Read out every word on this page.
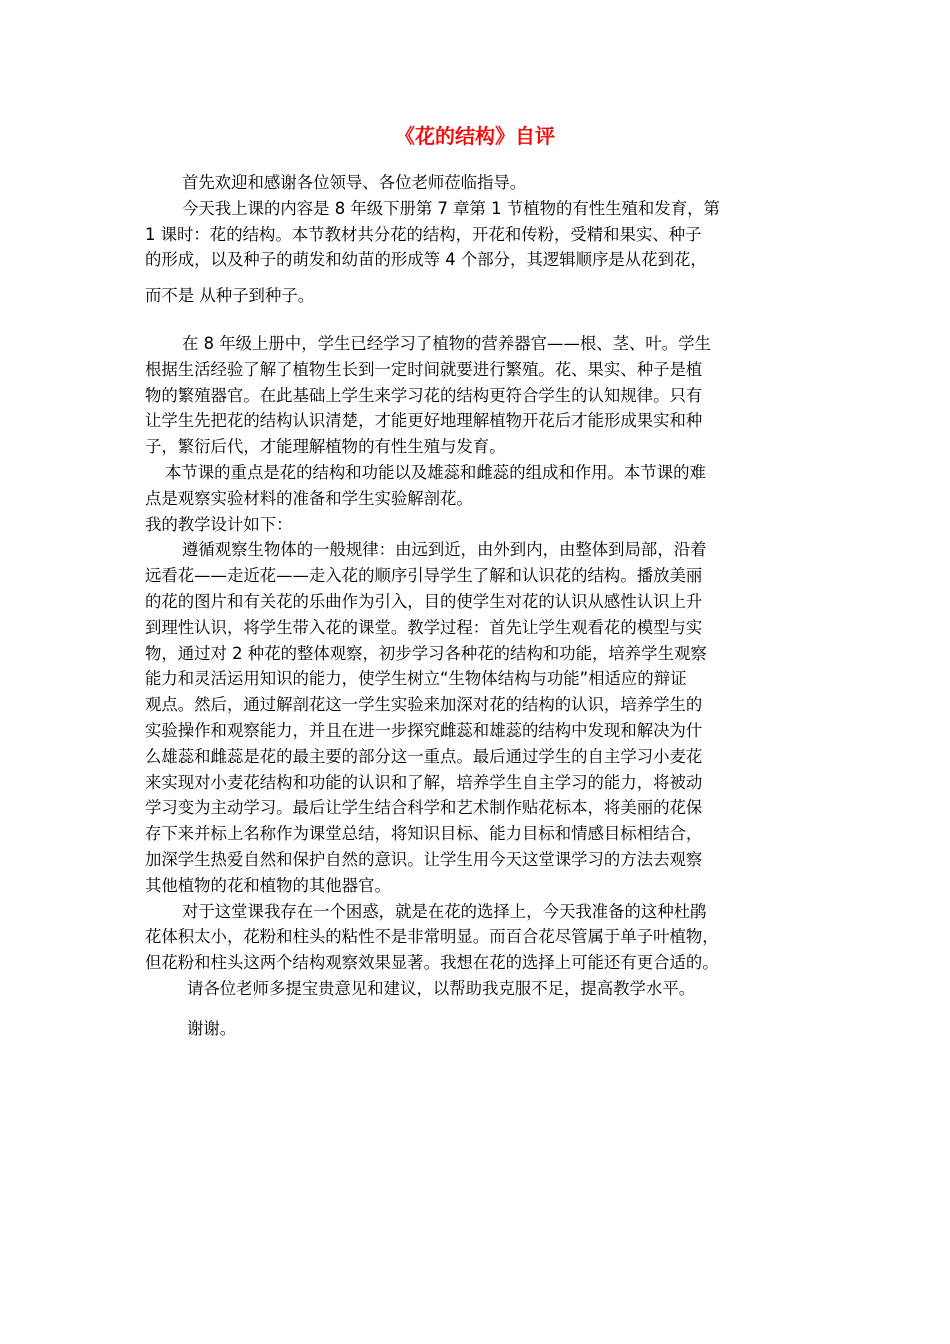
《花的结构》自评

首先欢迎和感谢各位领导、各位老师莅临指导。

今天我上课的内容是 8 年级下册第 7 章第 1 节植物的有性生殖和发育，第

1 课时：花的结构。本节教材共分花的结构，开花和传粉，受精和果实、种子

的形成，以及种子的萌发和幼苗的形成等 4 个部分，其逻辑顺序是从花到花，

而不是 从种子到种子。

在 8 年级上册中，学生已经学习了植物的营养器官——根、茎、叶。学生

根据生活经验了解了植物生长到一定时间就要进行繁殖。花、果实、种子是植

物的繁殖器官。在此基础上学生来学习花的结构更符合学生的认知规律。只有

让学生先把花的结构认识清楚，才能更好地理解植物开花后才能形成果实和种

子，繁衍后代，才能理解植物的有性生殖与发育。

本节课的重点是花的结构和功能以及雄蕊和雌蕊的组成和作用。本节课的难

点是观察实验材料的准备和学生实验解剖花。

我的教学设计如下：

遵循观察生物体的一般规律：由远到近，由外到内，由整体到局部，沿着

远看花——走近花——走入花的顺序引导学生了解和认识花的结构。播放美丽

的花的图片和有关花的乐曲作为引入，目的使学生对花的认识从感性认识上升

到理性认识，将学生带入花的课堂。教学过程：首先让学生观看花的模型与实

物，通过对 2 种花的整体观察，初步学习各种花的结构和功能，培养学生观察

能力和灵活运用知识的能力，使学生树立“生物体结构与功能”相适应的辩证

观点。然后，通过解剖花这一学生实验来加深对花的结构的认识，培养学生的

实验操作和观察能力，并且在进一步探究雌蕊和雄蕊的结构中发现和解决为什

么雄蕊和雌蕊是花的最主要的部分这一重点。最后通过学生的自主学习小麦花

来实现对小麦花结构和功能的认识和了解，培养学生自主学习的能力，将被动

学习变为主动学习。最后让学生结合科学和艺术制作贴花标本，将美丽的花保

存下来并标上名称作为课堂总结，将知识目标、能力目标和情感目标相结合，

加深学生热爱自然和保护自然的意识。让学生用今天这堂课学习的方法去观察

其他植物的花和植物的其他器官。

对于这堂课我存在一个困惑，就是在花的选择上，今天我准备的这种杜鹃

花体积太小，花粉和柱头的粘性不是非常明显。而百合花尽管属于单子叶植物，

但花粉和柱头这两个结构观察效果显著。我想在花的选择上可能还有更合适的。

请各位老师多提宝贵意见和建议，以帮助我克服不足，提高教学水平。

谢谢。
